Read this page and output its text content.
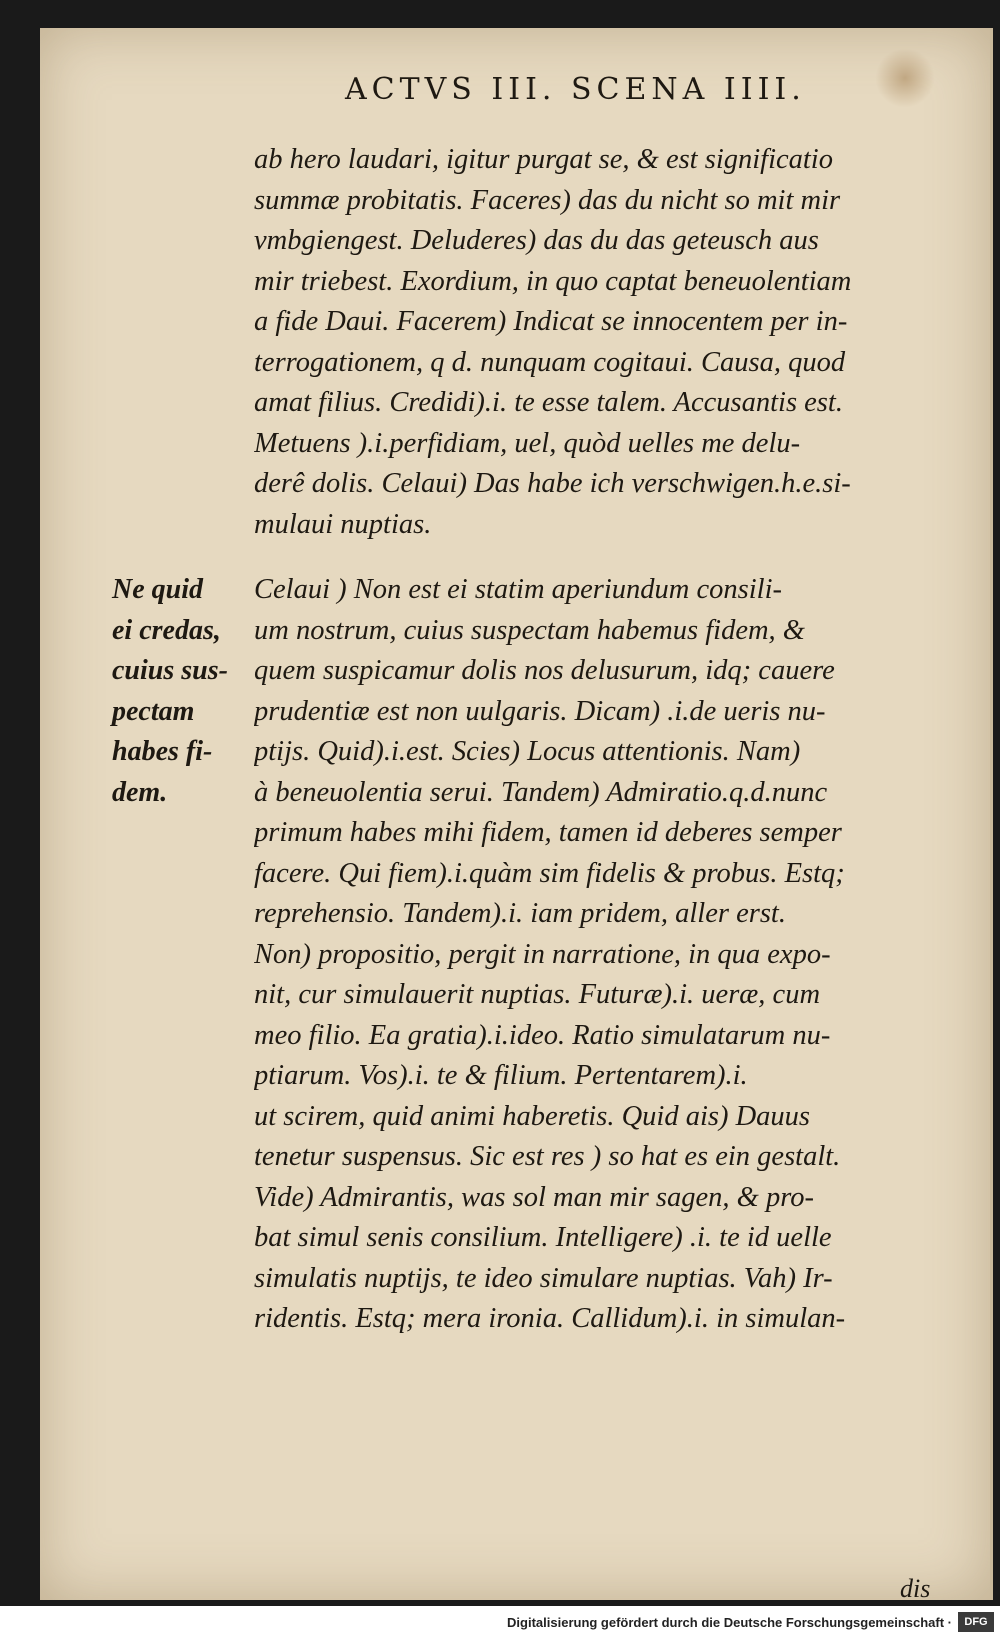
ACTVS III. SCENA IIII.
ab hero laudari, igitur purgat se, & est significatio
summæ probitatis. Faceres) das du nicht so mit mir
vmbgiengest. Deluderes) das du das geteusch aus
mir triebest. Exordium, in quo captat beneuolentiam
a fide Daui. Facerem) Indicat se innocentem per in-
terrogationem, q d. nunquam cogitaui. Causa, quod
amat filius. Credidi).i. te esse talem. Accusantis est.
Metuens ).i.perfidiam, uel, quòd uelles me delu-
derê dolis. Celaui) Das habe ich verschwigen.h.e.si-
mulaui nuptias.
Ne quid
ei credas,
cuius sus-
pectam
habes fi-
dem.
Celaui ) Non est ei statim aperiundum consili-
um nostrum, cuius suspectam habemus fidem, &
quem suspicamur dolis nos delusurum, idq; cauere
prudentiæ est non uulgaris. Dicam) .i.de ueris nu-
ptijs. Quid).i.est. Scies) Locus attentionis. Nam)
à beneuolentia serui. Tandem) Admiratio.q.d.nunc
primum habes mihi fidem, tamen id deberes semper
facere. Qui fiem).i.quàm sim fidelis & probus. Estq;
reprehensio. Tandem).i. iam pridem, aller erst.
Non) propositio, pergit in narratione, in qua expo-
nit, cur simulauerit nuptias. Futuræ).i. ueræ, cum
meo filio. Ea gratia).i.ideo. Ratio simulatarum nu-
ptiarum. Vos).i. te & filium. Pertentarem).i.
ut scirem, quid animi haberetis. Quid ais) Dauus
tenetur suspensus. Sic est res ) so hat es ein gestalt.
Vide) Admirantis, was sol man mir sagen, & pro-
bat simul senis consilium. Intelligere) .i. te id uelle
simulatis nuptijs, te ideo simulare nuptias. Vah) Ir-
ridentis. Estq; mera ironia. Callidum).i. in simulan-
dis
Digitalisierung gefördert durch die Deutsche Forschungsgemeinschaft ·	DFG
